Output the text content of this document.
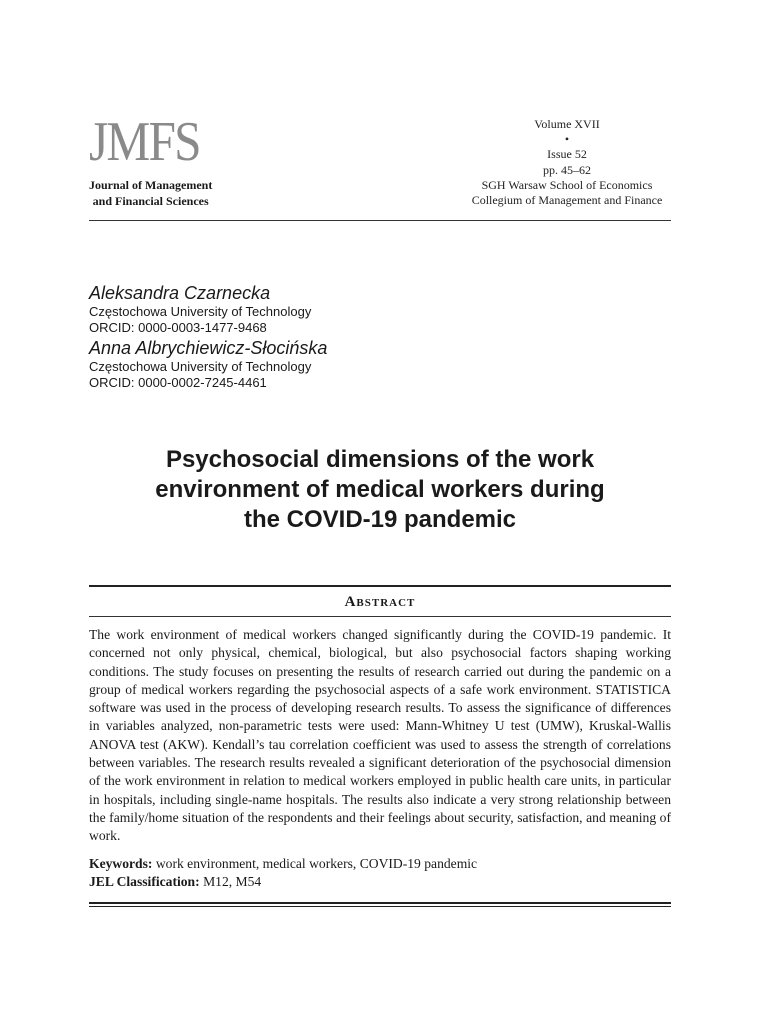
JMFS
Journal of Management
and Financial Sciences
Volume XVII
•
Issue 52
pp. 45–62
SGH Warsaw School of Economics
Collegium of Management and Finance

Aleksandra Czarnecka

Częstochowa University of Technology

ORCID: 0000-0003-1477-9468

Anna Albrychiewicz-Słocińska

Częstochowa University of Technology

ORCID: 0000-0002-7245-4461

Psychosocial dimensions of the work
environment of medical workers during
the COVID-19 pandemic
Abstract

The work environment of medical workers changed significantly during the COVID-19 pandemic. It concerned not only physical, chemical, biological, but also psychosocial factors shaping working conditions. The study focuses on presenting the results of research carried out during the pandemic on a group of medical workers regarding the psychosocial aspects of a safe work environment. STATISTICA software was used in the process of developing research results. To assess the significance of differences in variables analyzed, non-parametric tests were used: Mann-Whitney U test (UMW), Kruskal-Wallis ANOVA test (AKW). Kendall’s tau correlation coefficient was used to assess the strength of correlations between variables. The research results revealed a significant deterioration of the psychosocial dimension of the work environment in relation to medical workers employed in public health care units, in particular in hospitals, including single-name hospitals. The results also indicate a very strong relationship between the family/home situation of the respondents and their feelings about security, satisfaction, and meaning of work.

Keywords: work environment, medical workers, COVID-19 pandemic

JEL Classification: M12, M54
